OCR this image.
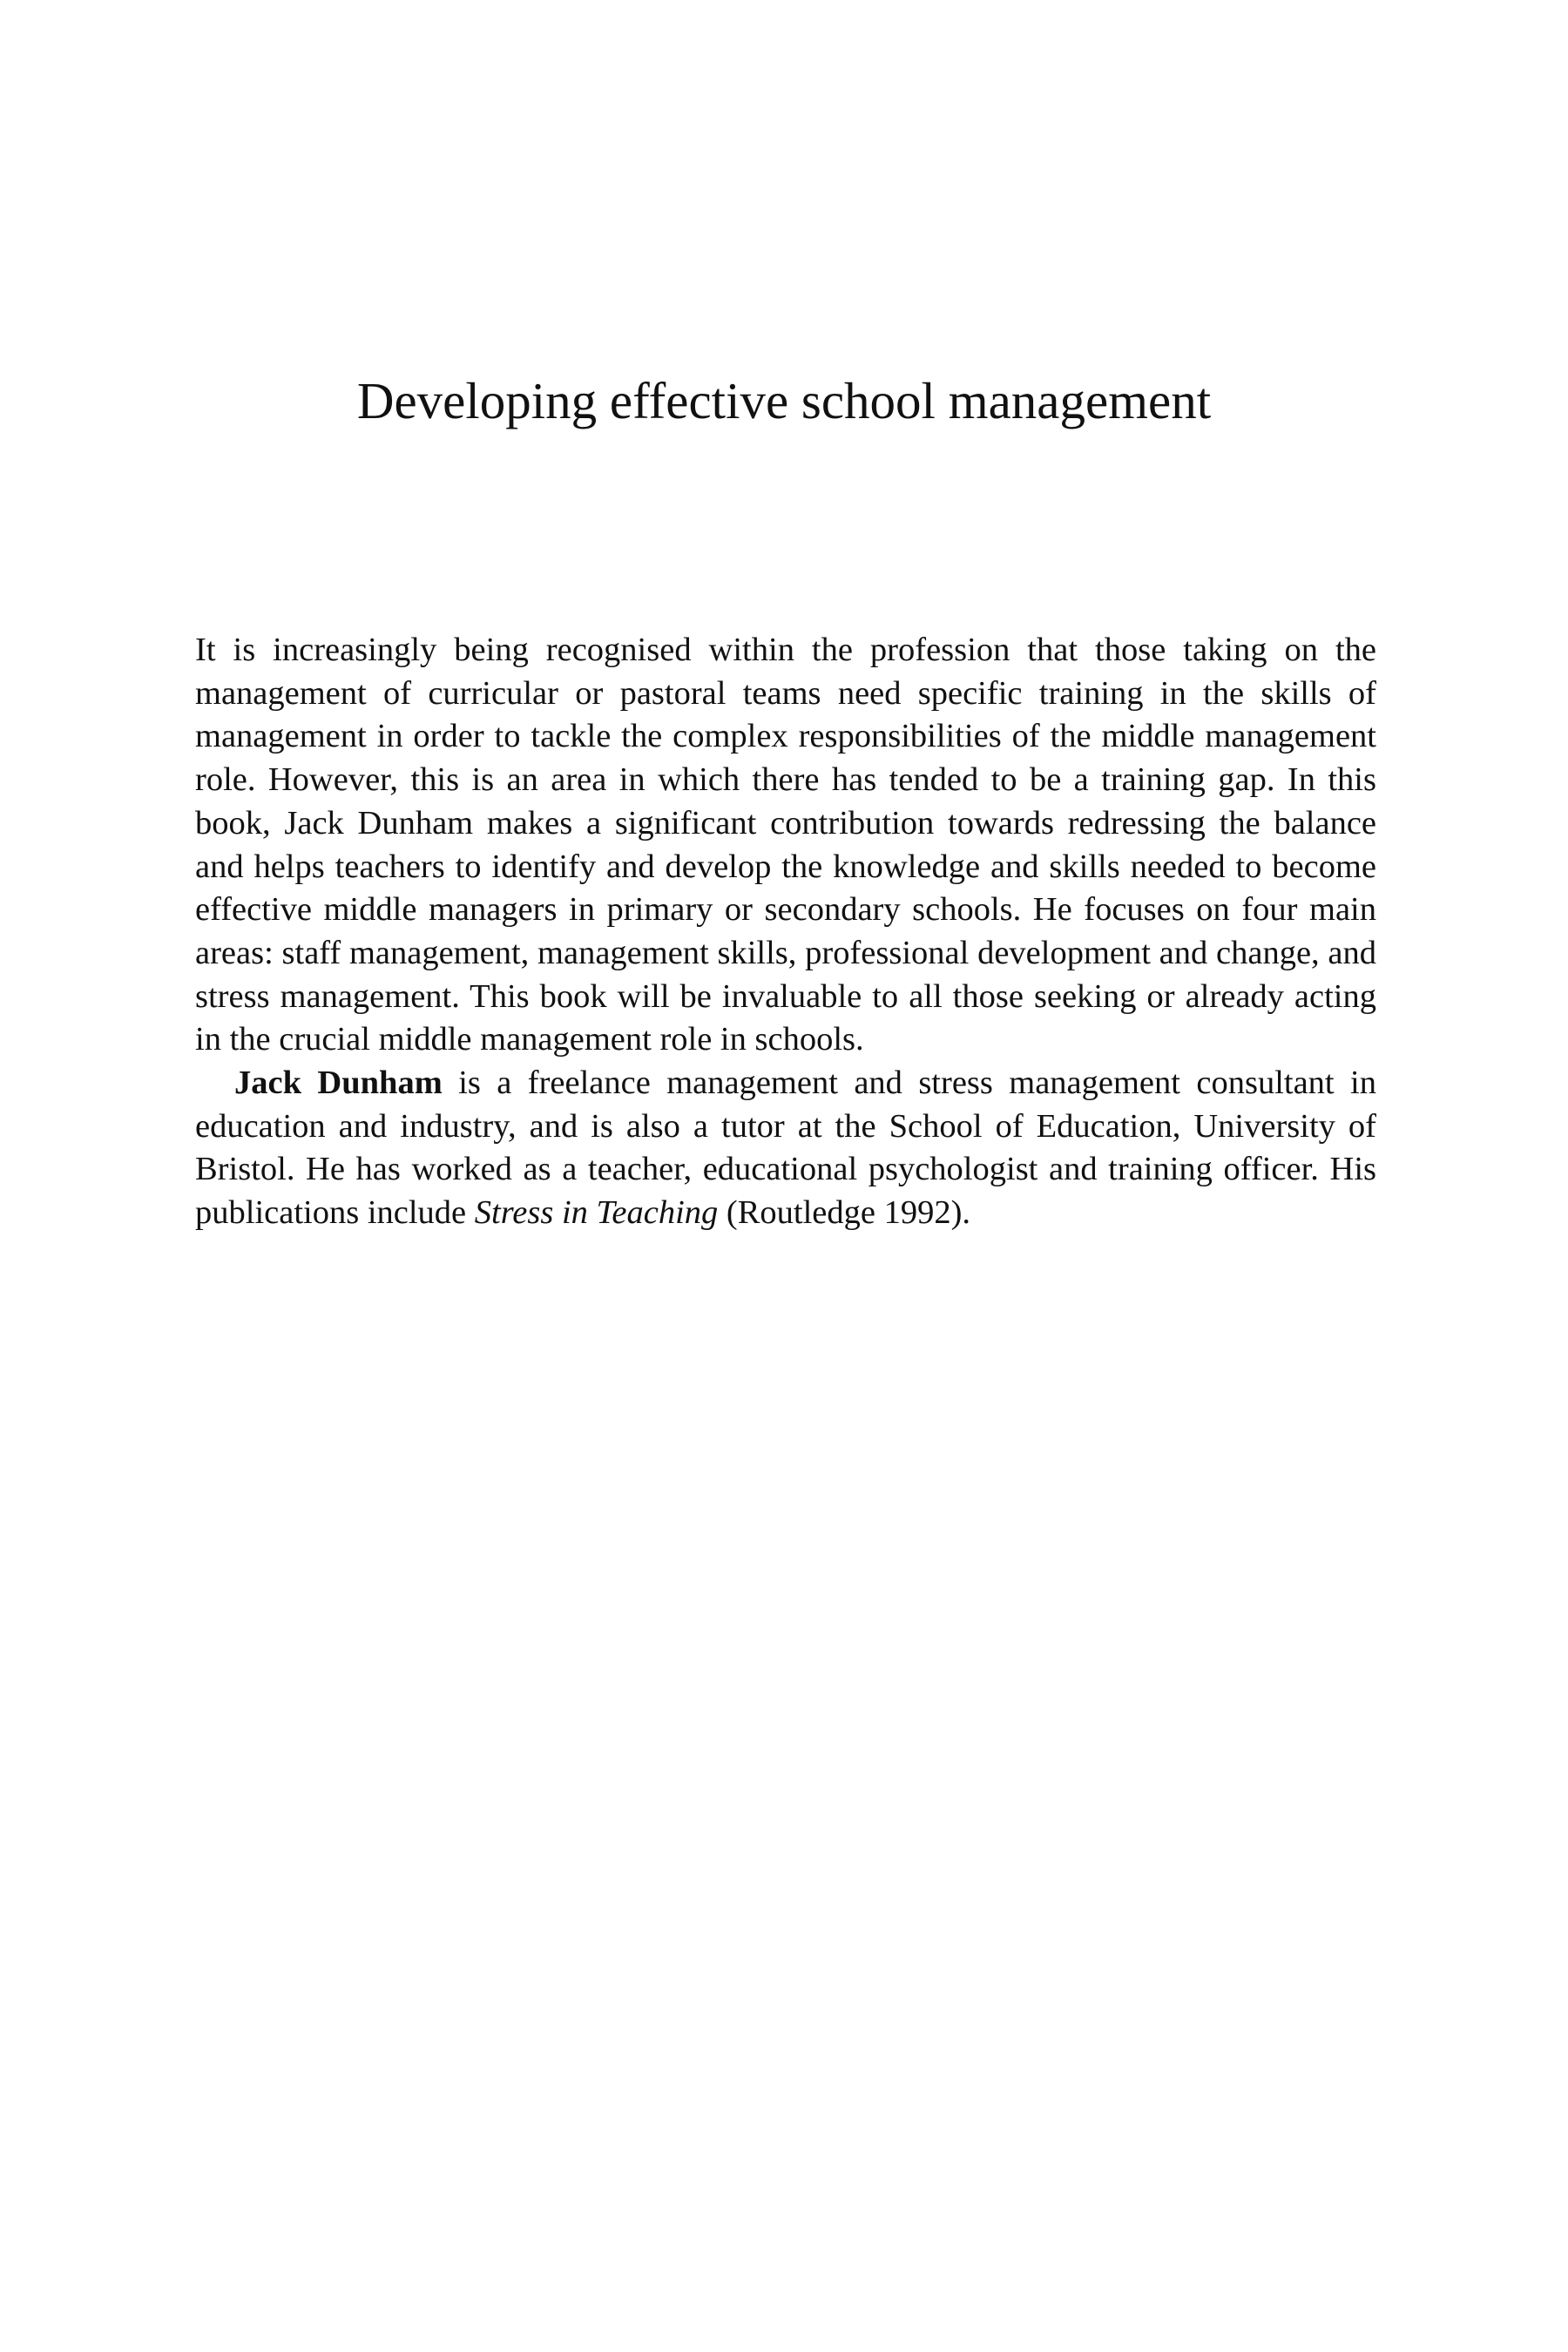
Developing effective school management

It is increasingly being recognised within the profession that those taking on the management of curricular or pastoral teams need specific training in the skills of management in order to tackle the complex responsibilities of the middle management role. However, this is an area in which there has tended to be a training gap. In this book, Jack Dunham makes a significant contribution towards redressing the balance and helps teachers to identify and develop the knowledge and skills needed to become effective middle managers in primary or secondary schools. He focuses on four main areas: staff management, management skills, professional development and change, and stress management. This book will be invaluable to all those seeking or already acting in the crucial middle management role in schools.

Jack Dunham is a freelance management and stress management consultant in education and industry, and is also a tutor at the School of Education, University of Bristol. He has worked as a teacher, educational psychologist and training officer. His publications include Stress in Teaching (Routledge 1992).
